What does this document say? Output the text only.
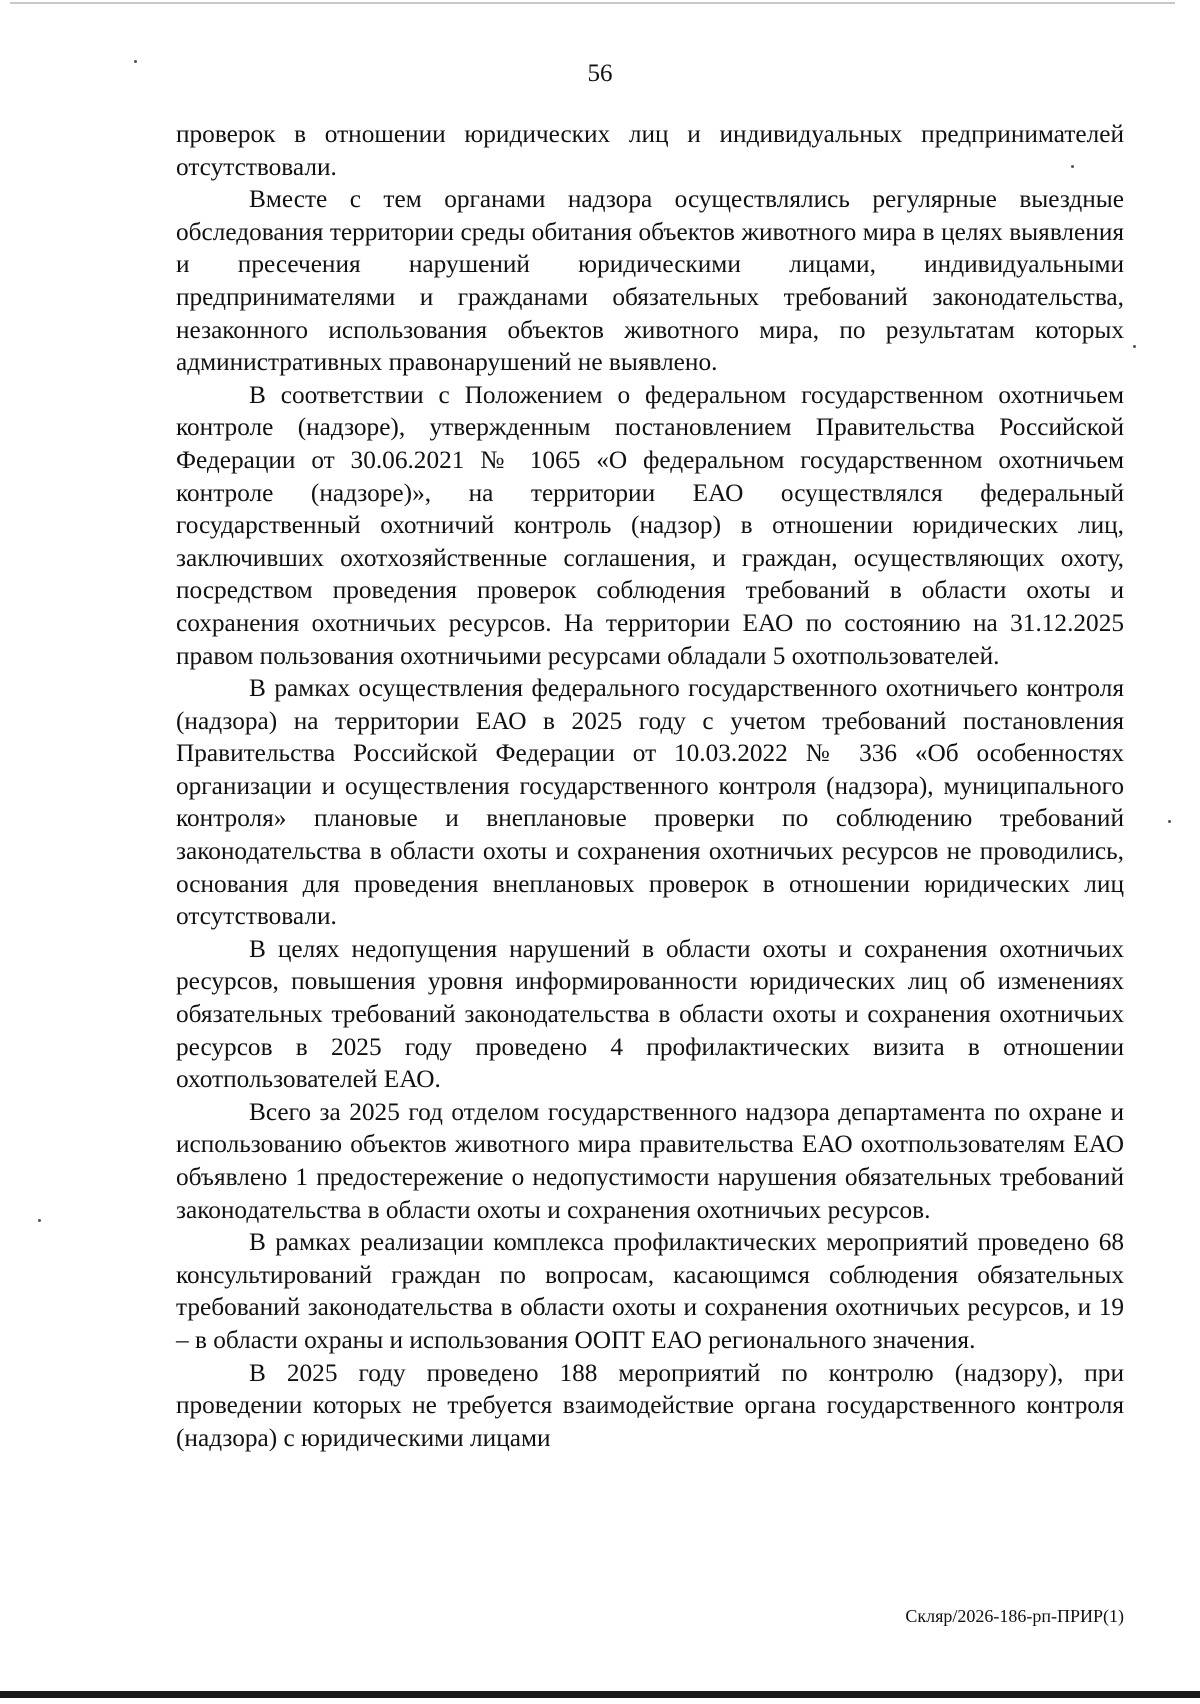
56

проверок в отношении юридических лиц и индивидуальных предпринимателей отсутствовали.

Вместе с тем органами надзора осуществлялись регулярные выездные обследования территории среды обитания объектов животного мира в целях выявления и пресечения нарушений юридическими лицами, индивидуальными предпринимателями и гражданами обязательных требований законодательства, незаконного использования объектов животного мира, по результатам которых административных правонарушений не выявлено.

В соответствии с Положением о федеральном государственном охотничьем контроле (надзоре), утвержденным постановлением Правительства Российской Федерации от 30.06.2021 № 1065 «О федеральном государственном охотничьем контроле (надзоре)», на территории ЕАО осуществлялся федеральный государственный охотничий контроль (надзор) в отношении юридических лиц, заключивших охотхозяйственные соглашения, и граждан, осуществляющих охоту, посредством проведения проверок соблюдения требований в области охоты и сохранения охотничьих ресурсов. На территории ЕАО по состоянию на 31.12.2025 правом пользования охотничьими ресурсами обладали 5 охотпользователей.

В рамках осуществления федерального государственного охотничьего контроля (надзора) на территории ЕАО в 2025 году с учетом требований постановления Правительства Российской Федерации от 10.03.2022 № 336 «Об особенностях организации и осуществления государственного контроля (надзора), муниципального контроля» плановые и внеплановые проверки по соблюдению требований законодательства в области охоты и сохранения охотничьих ресурсов не проводились, основания для проведения внеплановых проверок в отношении юридических лиц отсутствовали.

В целях недопущения нарушений в области охоты и сохранения охотничьих ресурсов, повышения уровня информированности юридических лиц об изменениях обязательных требований законодательства в области охоты и сохранения охотничьих ресурсов в 2025 году проведено 4 профилактических визита в отношении охотпользователей ЕАО.

Всего за 2025 год отделом государственного надзора департамента по охране и использованию объектов животного мира правительства ЕАО охотпользователям ЕАО объявлено 1 предостережение о недопустимости нарушения обязательных требований законодательства в области охоты и сохранения охотничьих ресурсов.

В рамках реализации комплекса профилактических мероприятий проведено 68 консультирований граждан по вопросам, касающимся соблюдения обязательных требований законодательства в области охоты и сохранения охотничьих ресурсов, и 19 – в области охраны и использования ООПТ ЕАО регионального значения.

В 2025 году проведено 188 мероприятий по контролю (надзору), при проведении которых не требуется взаимодействие органа государственного контроля (надзора) с юридическими лицами

Скляр/2026-186-рп-ПРИР(1)
